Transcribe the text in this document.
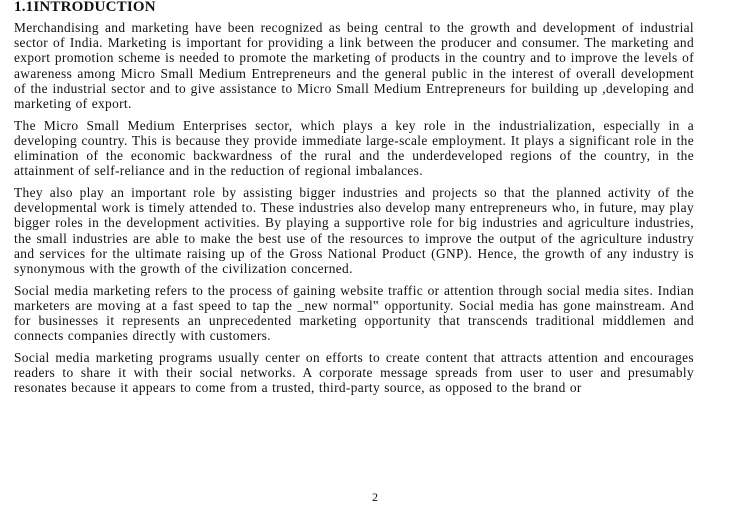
1.1INTRODUCTION

Merchandising and marketing have been recognized as being central to the growth and development of industrial sector of India. Marketing is important for providing a link between the producer and consumer. The marketing and export promotion scheme is needed to promote the marketing of products in the country and to improve the levels of awareness among Micro Small Medium Entrepreneurs and the general public in the interest of overall development of the industrial sector and to give assistance to Micro Small Medium Entrepreneurs for building up ,developing and marketing of export.

The Micro Small Medium Enterprises sector, which plays a key role in the industrialization, especially in a developing country. This is because they provide immediate large-scale employment. It plays a significant role in the elimination of the economic backwardness of the rural and the underdeveloped regions of the country, in the attainment of self-reliance and in the reduction of regional imbalances.

They also play an important role by assisting bigger industries and projects so that the planned activity of the developmental work is timely attended to. These industries also develop many entrepreneurs who, in future, may play bigger roles in the development activities. By playing a supportive role for big industries and agriculture industries, the small industries are able to make the best use of the resources to improve the output of the agriculture industry and services for the ultimate raising up of the Gross National Product (GNP). Hence, the growth of any industry is synonymous with the growth of the civilization concerned.

Social media marketing refers to the process of gaining website traffic or attention through social media sites. Indian marketers are moving at a fast speed to tap the _new normal‟ opportunity. Social media has gone mainstream. And for businesses it represents an unprecedented marketing opportunity that transcends traditional middlemen and connects companies directly with customers.

Social media marketing programs usually center on efforts to create content that attracts attention and encourages readers to share it with their social networks. A corporate message spreads from user to user and presumably resonates because it appears to come from a trusted, third-party source, as opposed to the brand or

2
